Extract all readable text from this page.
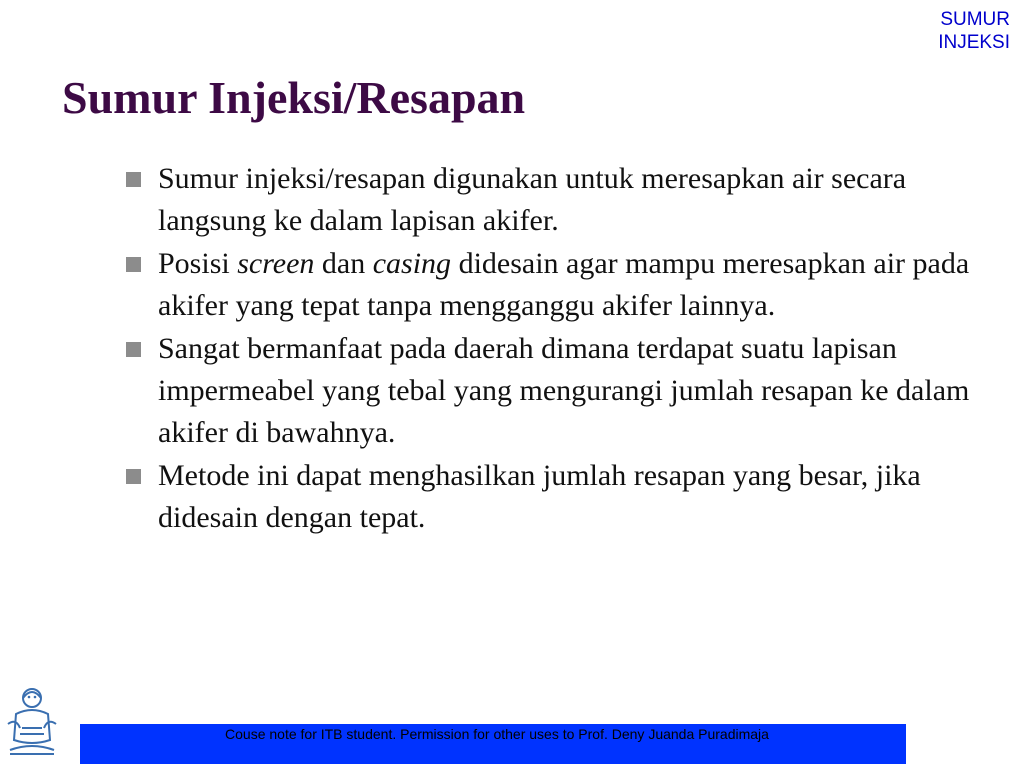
SUMUR
INJEKSI
Sumur Injeksi/Resapan
Sumur injeksi/resapan digunakan untuk meresapkan air secara langsung ke dalam lapisan akifer.
Posisi screen dan casing didesain agar mampu meresapkan air pada akifer yang tepat tanpa mengganggu akifer lainnya.
Sangat bermanfaat pada daerah dimana terdapat suatu lapisan impermeabel yang tebal yang mengurangi jumlah resapan ke dalam akifer di bawahnya.
Metode ini dapat menghasilkan jumlah resapan yang besar, jika didesain dengan tepat.
Couse note for ITB student. Permission for other uses to Prof. Deny Juanda Puradimaja
